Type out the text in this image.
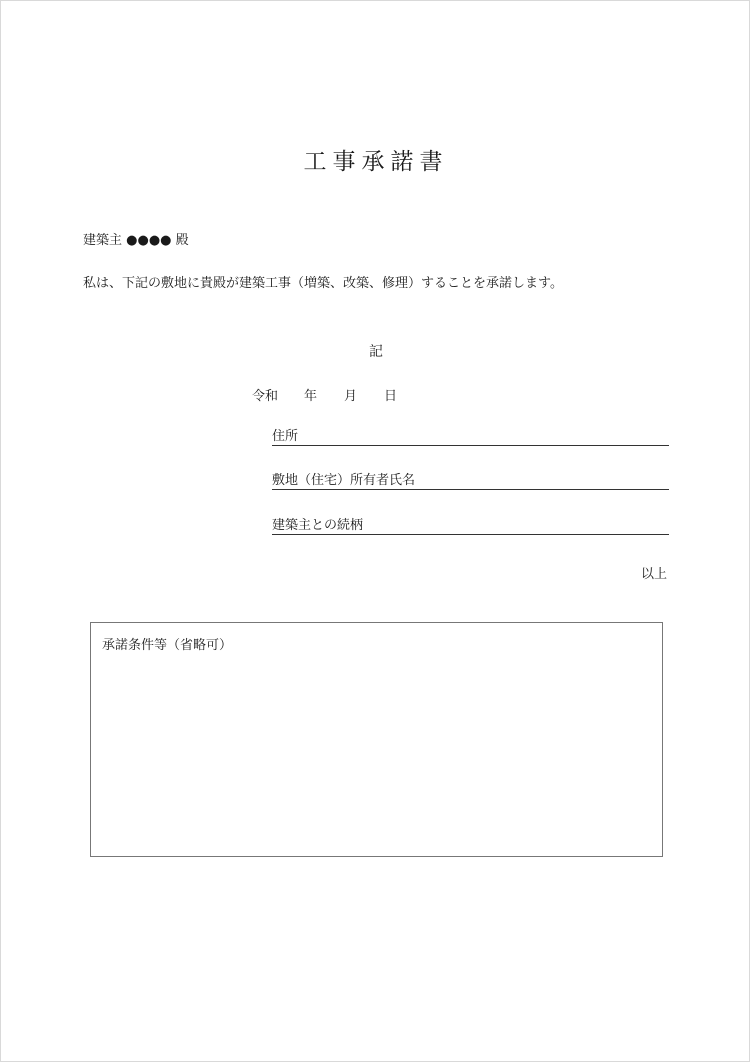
工事承諾書
建築主 ●●●● 殿
私は、下記の敷地に貴殿が建築工事（増築、改築、修理）することを承諾します。
記
令和 年 月 日
住所
敷地（住宅）所有者氏名
建築主との続柄
以上
承諾条件等（省略可）
